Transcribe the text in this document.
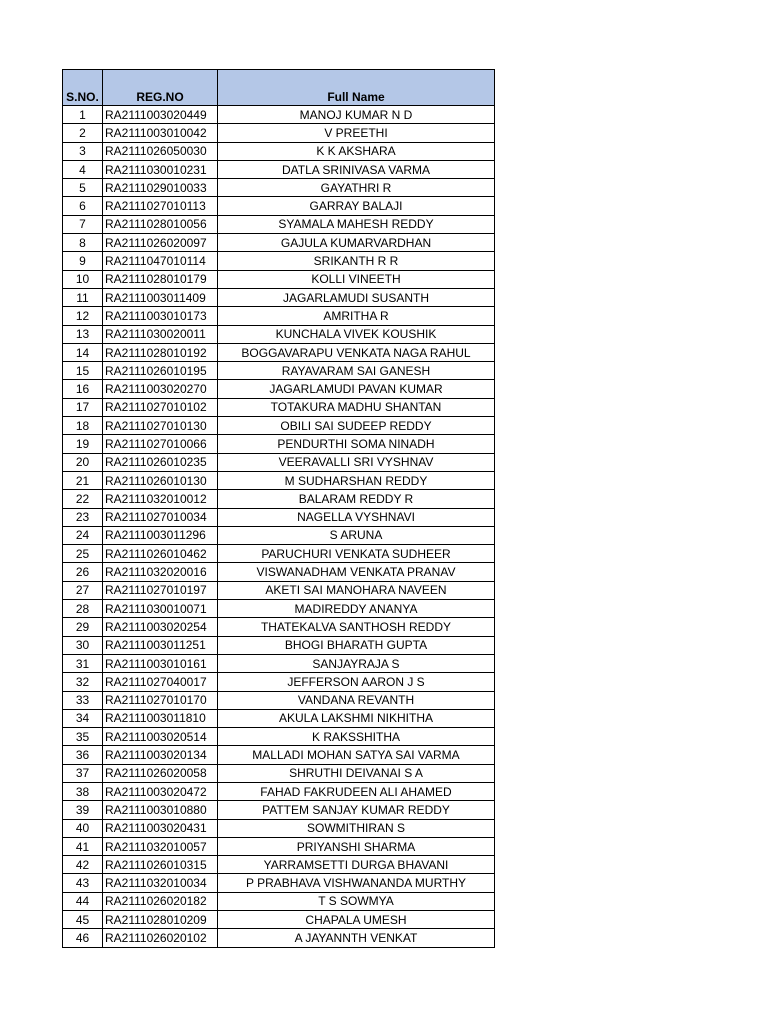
S.NO.	REG.NO	Full Name
1	RA2111003020449	MANOJ KUMAR N D
2	RA2111003010042	V PREETHI
3	RA2111026050030	K K AKSHARA
4	RA2111030010231	DATLA SRINIVASA VARMA
5	RA2111029010033	GAYATHRI R
6	RA2111027010113	GARRAY BALAJI
7	RA2111028010056	SYAMALA MAHESH REDDY
8	RA2111026020097	GAJULA KUMARVARDHAN
9	RA2111047010114	SRIKANTH R R
10	RA2111028010179	KOLLI VINEETH
11	RA2111003011409	JAGARLAMUDI SUSANTH
12	RA2111003010173	AMRITHA R
13	RA2111030020011	KUNCHALA VIVEK KOUSHIK
14	RA2111028010192	BOGGAVARAPU VENKATA NAGA RAHUL
15	RA2111026010195	RAYAVARAM SAI GANESH
16	RA2111003020270	JAGARLAMUDI PAVAN KUMAR
17	RA2111027010102	TOTAKURA MADHU SHANTAN
18	RA2111027010130	OBILI SAI SUDEEP REDDY
19	RA2111027010066	PENDURTHI SOMA NINADH
20	RA2111026010235	VEERAVALLI SRI VYSHNAV
21	RA2111026010130	M SUDHARSHAN REDDY
22	RA2111032010012	BALARAM REDDY R
23	RA2111027010034	NAGELLA VYSHNAVI
24	RA2111003011296	S ARUNA
25	RA2111026010462	PARUCHURI VENKATA SUDHEER
26	RA2111032020016	VISWANADHAM VENKATA PRANAV
27	RA2111027010197	AKETI SAI MANOHARA NAVEEN
28	RA2111030010071	MADIREDDY ANANYA
29	RA2111003020254	THATEKALVA SANTHOSH REDDY
30	RA2111003011251	BHOGI BHARATH GUPTA
31	RA2111003010161	SANJAYRAJA S
32	RA2111027040017	JEFFERSON AARON J S
33	RA2111027010170	VANDANA REVANTH
34	RA2111003011810	AKULA LAKSHMI NIKHITHA
35	RA2111003020514	K RAKSSHITHA
36	RA2111003020134	MALLADI MOHAN SATYA SAI VARMA
37	RA2111026020058	SHRUTHI DEIVANAI S A
38	RA2111003020472	FAHAD FAKRUDEEN ALI AHAMED
39	RA2111003010880	PATTEM SANJAY KUMAR REDDY
40	RA2111003020431	SOWMITHIRAN S
41	RA2111032010057	PRIYANSHI SHARMA
42	RA2111026010315	YARRAMSETTI DURGA BHAVANI
43	RA2111032010034	P PRABHAVA VISHWANANDA MURTHY
44	RA2111026020182	T S SOWMYA
45	RA2111028010209	CHAPALA UMESH
46	RA2111026020102	A JAYANNTH VENKAT
